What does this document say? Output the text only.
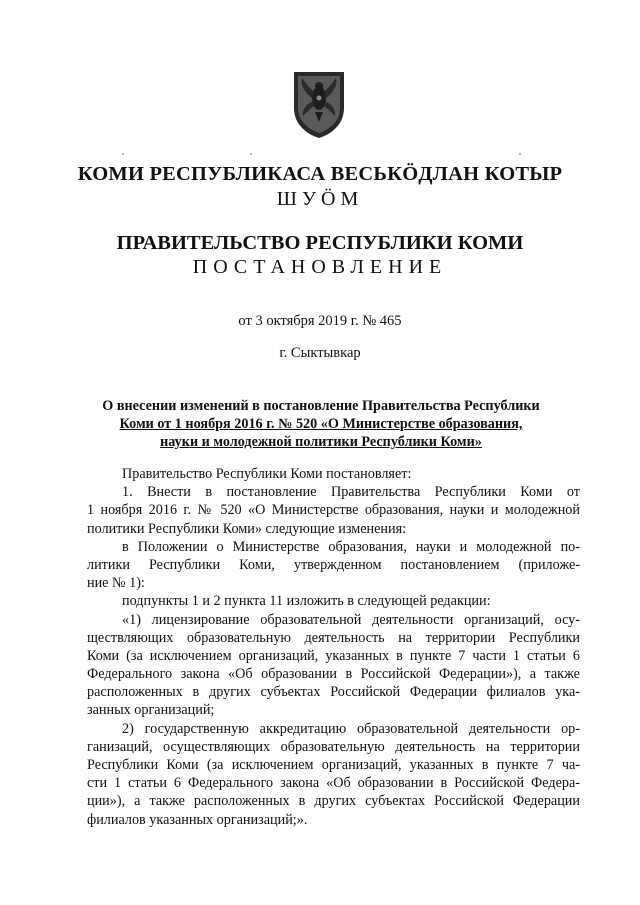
КОМИ РЕСПУБЛИКАСА ВЕСЬКÖДЛАН КОТЫР
ШУÖМ
ПРАВИТЕЛЬСТВО РЕСПУБЛИКИ КОМИ
ПОСТАНОВЛЕНИЕ
от 3 октября 2019 г. № 465
г. Сыктывкар
О внесении изменений в постановление Правительства Республики
Коми от 1 ноября 2016 г. № 520 «О Министерстве образования,
науки и молодежной политики Республики Коми»
Правительство Республики Коми постановляет:
1. Внести в постановление Правительства Республики Коми от
1 ноября 2016 г. № 520 «О Министерстве образования, науки и молодежной
политики Республики Коми» следующие изменения:
в Положении о Министерстве образования, науки и молодежной по-
литики Республики Коми, утвержденном постановлением (приложе-
ние № 1):
подпункты 1 и 2 пункта 11 изложить в следующей редакции:
«1) лицензирование образовательной деятельности организаций, осу-
ществляющих образовательную деятельность на территории Республики
Коми (за исключением организаций, указанных в пункте 7 части 1 статьи 6
Федерального закона «Об образовании в Российской Федерации»), а также
расположенных в других субъектах Российской Федерации филиалов ука-
занных организаций;
2) государственную аккредитацию образовательной деятельности ор-
ганизаций, осуществляющих образовательную деятельность на территории
Республики Коми (за исключением организаций, указанных в пункте 7 ча-
сти 1 статьи 6 Федерального закона «Об образовании в Российской Федера-
ции»), а также расположенных в других субъектах Российской Федерации
филиалов указанных организаций;».
